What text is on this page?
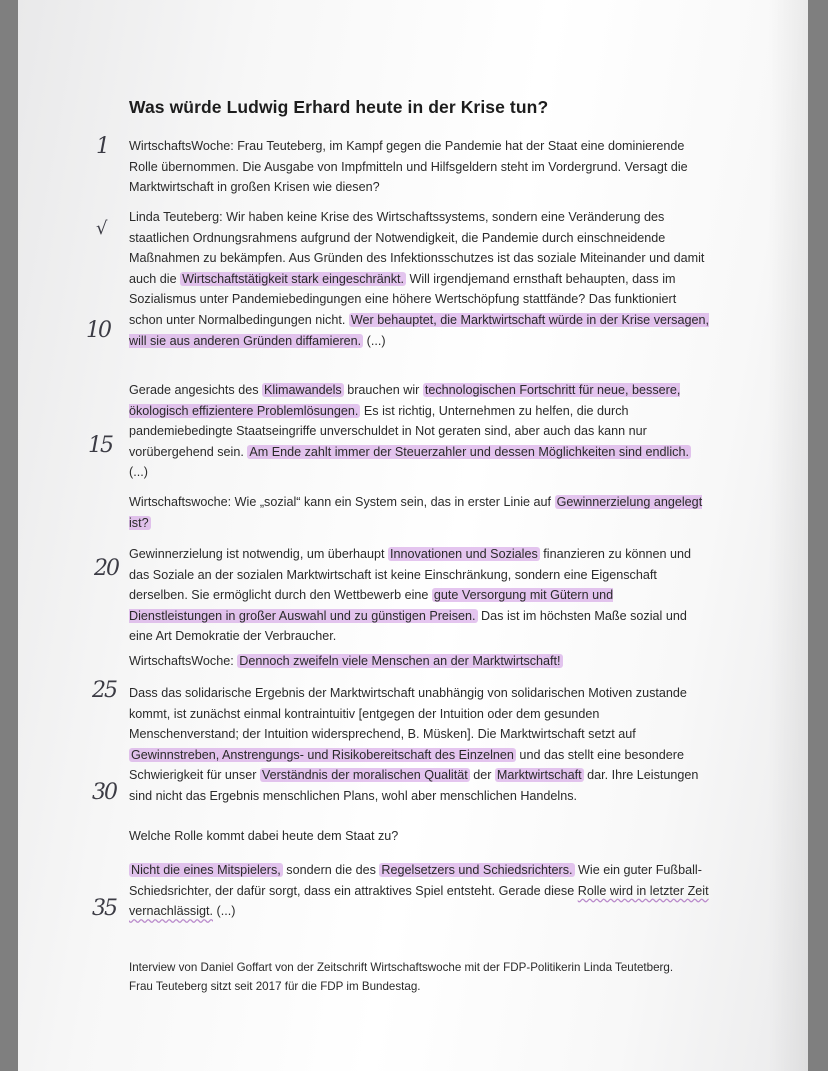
1
√
10
15
20
25
30
35
Was würde Ludwig Erhard heute in der Krise tun?

WirtschaftsWoche: Frau Teuteberg, im Kampf gegen die Pandemie hat der Staat eine dominierende Rolle übernommen. Die Ausgabe von Impfmitteln und Hilfsgeldern steht im Vordergrund. Versagt die Marktwirtschaft in großen Krisen wie diesen?

Linda Teuteberg: Wir haben keine Krise des Wirtschaftssystems, sondern eine Veränderung des staatlichen Ordnungsrahmens aufgrund der Notwendigkeit, die Pandemie durch einschneidende Maßnahmen zu bekämpfen. Aus Gründen des Infektionsschutzes ist das soziale Miteinander und damit auch die Wirtschaftstätigkeit stark eingeschränkt. Will irgendjemand ernsthaft behaupten, dass im Sozialismus unter Pandemiebedingungen eine höhere Wertschöpfung stattfände? Das funktioniert schon unter Normalbedingungen nicht. Wer behauptet, die Marktwirtschaft würde in der Krise versagen, will sie aus anderen Gründen diffamieren. (...)

Gerade angesichts des Klimawandels brauchen wir technologischen Fortschritt für neue, bessere, ökologisch effizientere Problemlösungen. Es ist richtig, Unternehmen zu helfen, die durch pandemiebedingte Staatseingriffe unverschuldet in Not geraten sind, aber auch das kann nur vorübergehend sein. Am Ende zahlt immer der Steuerzahler und dessen Möglichkeiten sind endlich. (...)

Wirtschaftswoche: Wie „sozial“ kann ein System sein, das in erster Linie auf Gewinnerzielung angelegt ist?

Gewinnerzielung ist notwendig, um überhaupt Innovationen und Soziales finanzieren zu können und das Soziale an der sozialen Marktwirtschaft ist keine Einschränkung, sondern eine Eigenschaft derselben. Sie ermöglicht durch den Wettbewerb eine gute Versorgung mit Gütern und Dienstleistungen in großer Auswahl und zu günstigen Preisen. Das ist im höchsten Maße sozial und eine Art Demokratie der Verbraucher.

WirtschaftsWoche: Dennoch zweifeln viele Menschen an der Marktwirtschaft!

Dass das solidarische Ergebnis der Marktwirtschaft unabhängig von solidarischen Motiven zustande kommt, ist zunächst einmal kontraintuitiv [entgegen der Intuition oder dem gesunden Menschenverstand; der Intuition widersprechend, B. Müsken]. Die Marktwirtschaft setzt auf Gewinnstreben, Anstrengungs- und Risikobereitschaft des Einzelnen und das stellt eine besondere Schwierigkeit für unser Verständnis der moralischen Qualität der Marktwirtschaft dar. Ihre Leistungen sind nicht das Ergebnis menschlichen Plans, wohl aber menschlichen Handelns.

Welche Rolle kommt dabei heute dem Staat zu?

Nicht die eines Mitspielers, sondern die des Regelsetzers und Schiedsrichters. Wie ein guter Fußball-Schiedsrichter, der dafür sorgt, dass ein attraktives Spiel entsteht. Gerade diese Rolle wird in letzter Zeit vernachlässigt. (...)

Interview von Daniel Goffart von der Zeitschrift Wirtschaftswoche mit der FDP-Politikerin Linda Teutetberg. Frau Teuteberg sitzt seit 2017 für die FDP im Bundestag.
